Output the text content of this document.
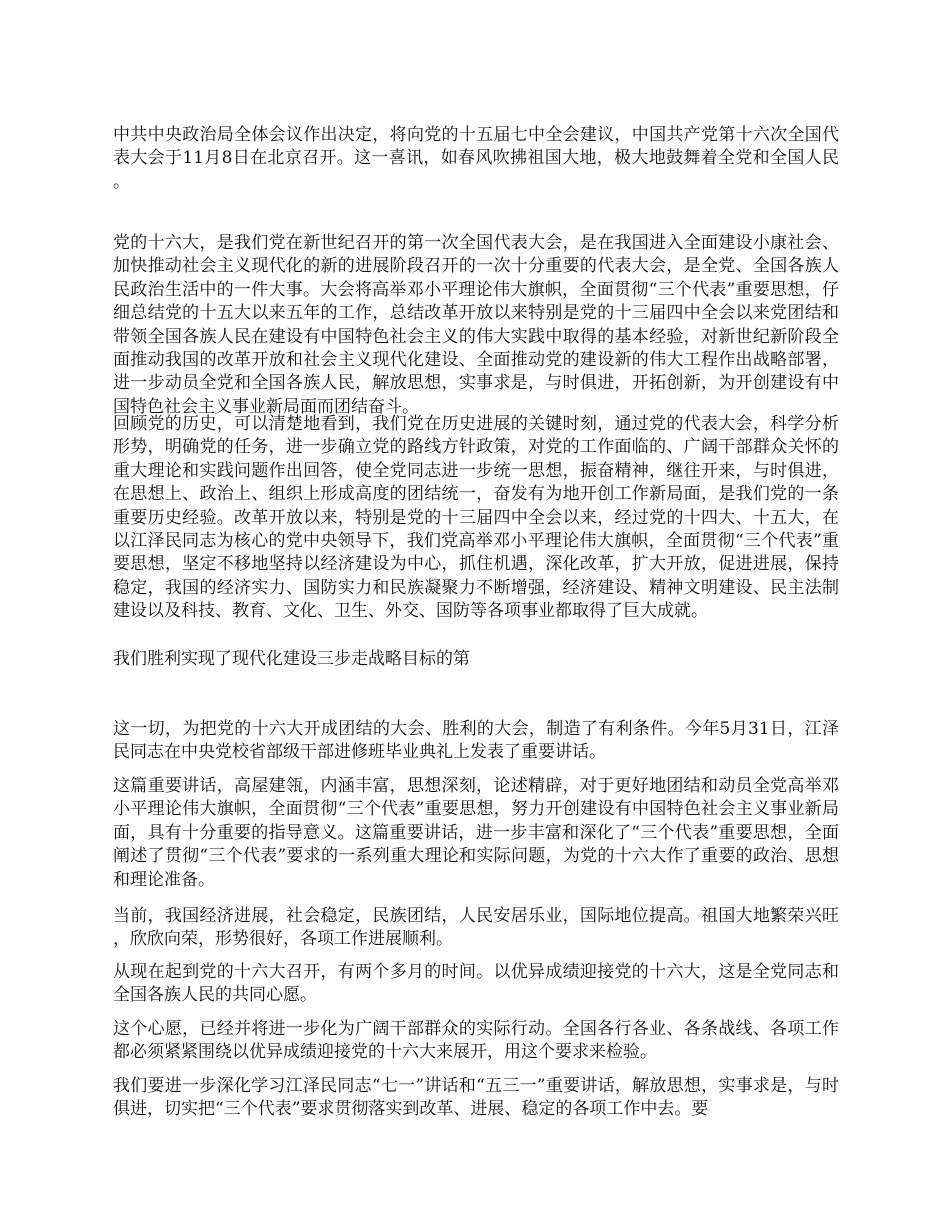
中共中央政治局全体会议作出决定，将向党的十五届七中全会建议，中国共产党第十六次全国代表大会于11月8日在北京召开。这一喜讯，如春风吹拂祖国大地，极大地鼓舞着全党和全国人民。

党的十六大，是我们党在新世纪召开的第一次全国代表大会，是在我国进入全面建设小康社会、加快推动社会主义现代化的新的进展阶段召开的一次十分重要的代表大会，是全党、全国各族人民政治生活中的一件大事。大会将高举邓小平理论伟大旗帜，全面贯彻“三个代表”重要思想，仔细总结党的十五大以来五年的工作，总结改革开放以来特别是党的十三届四中全会以来党团结和带领全国各族人民在建设有中国特色社会主义的伟大实践中取得的基本经验，对新世纪新阶段全面推动我国的改革开放和社会主义现代化建设、全面推动党的建设新的伟大工程作出战略部署，进一步动员全党和全国各族人民，解放思想，实事求是，与时俱进，开拓创新，为开创建设有中国特色社会主义事业新局面而团结奋斗。

回顾党的历史，可以清楚地看到，我们党在历史进展的关键时刻，通过党的代表大会，科学分析形势，明确党的任务，进一步确立党的路线方针政策，对党的工作面临的、广阔干部群众关怀的重大理论和实践问题作出回答，使全党同志进一步统一思想，振奋精神，继往开来，与时俱进，在思想上、政治上、组织上形成高度的团结统一，奋发有为地开创工作新局面，是我们党的一条重要历史经验。改革开放以来，特别是党的十三届四中全会以来，经过党的十四大、十五大，在以江泽民同志为核心的党中央领导下，我们党高举邓小平理论伟大旗帜，全面贯彻“三个代表”重要思想，坚定不移地坚持以经济建设为中心，抓住机遇，深化改革，扩大开放，促进进展，保持稳定，我国的经济实力、国防实力和民族凝聚力不断增强，经济建设、精神文明建设、民主法制建设以及科技、教育、文化、卫生、外交、国防等各项事业都取得了巨大成就。

我们胜利实现了现代化建设三步走战略目标的第

这一切，为把党的十六大开成团结的大会、胜利的大会，制造了有利条件。今年5月31日，江泽民同志在中央党校省部级干部进修班毕业典礼上发表了重要讲话。

这篇重要讲话，高屋建瓴，内涵丰富，思想深刻，论述精辟，对于更好地团结和动员全党高举邓小平理论伟大旗帜，全面贯彻“三个代表”重要思想，努力开创建设有中国特色社会主义事业新局面，具有十分重要的指导意义。这篇重要讲话，进一步丰富和深化了“三个代表”重要思想，全面阐述了贯彻“三个代表”要求的一系列重大理论和实际问题，为党的十六大作了重要的政治、思想和理论准备。

当前，我国经济进展，社会稳定，民族团结，人民安居乐业，国际地位提高。祖国大地繁荣兴旺，欣欣向荣，形势很好，各项工作进展顺利。

从现在起到党的十六大召开，有两个多月的时间。以优异成绩迎接党的十六大，这是全党同志和全国各族人民的共同心愿。

这个心愿，已经并将进一步化为广阔干部群众的实际行动。全国各行各业、各条战线、各项工作都必须紧紧围绕以优异成绩迎接党的十六大来展开，用这个要求来检验。

我们要进一步深化学习江泽民同志“七一”讲话和“五三一”重要讲话，解放思想，实事求是，与时俱进，切实把“三个代表”要求贯彻落实到改革、进展、稳定的各项工作中去。要
